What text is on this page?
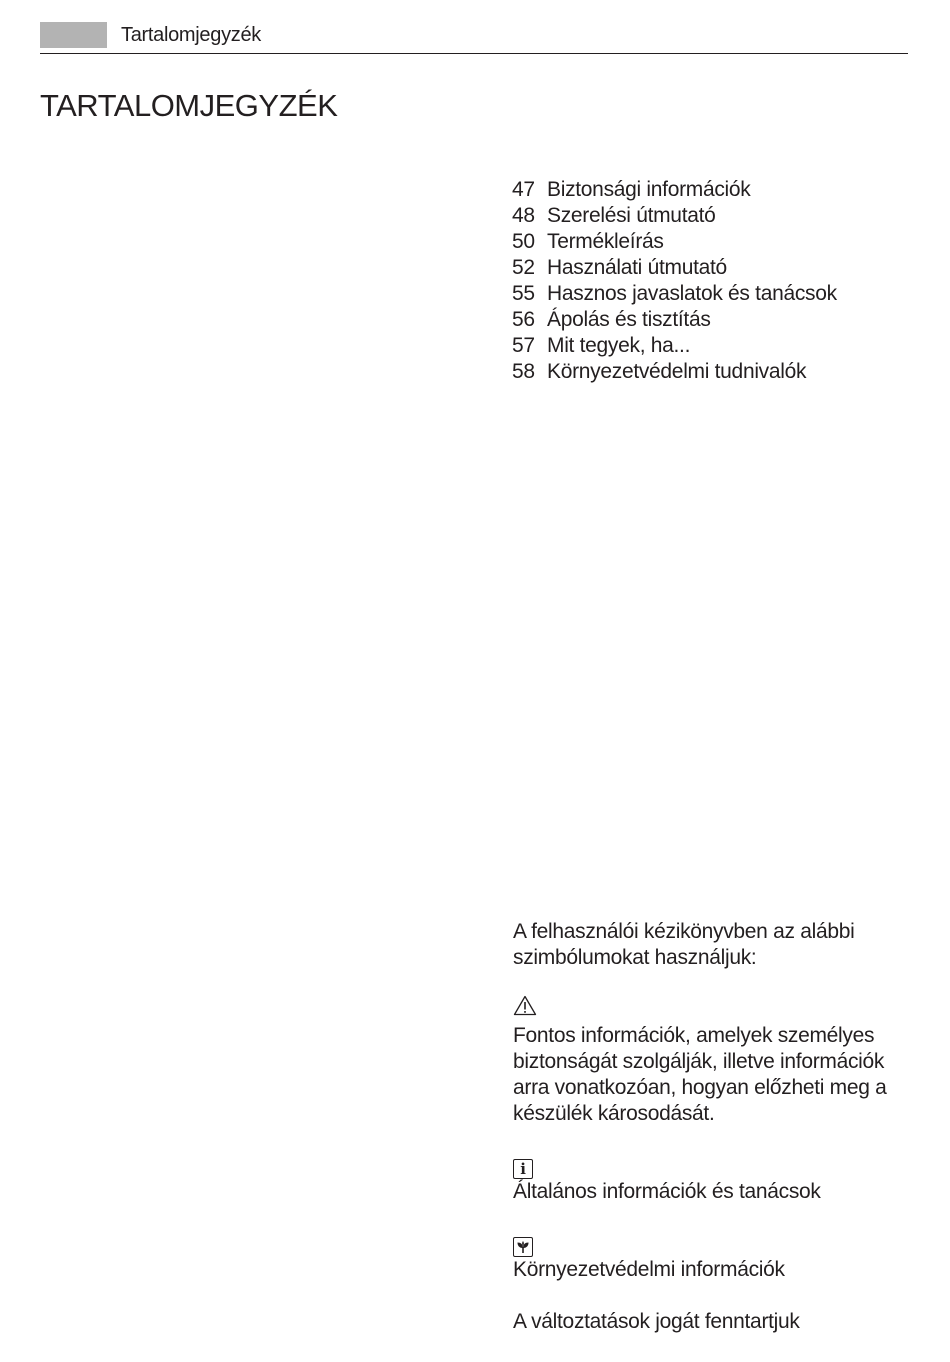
Tartalomjegyzék
TARTALOMJEGYZÉK
47 Biztonsági információk
48 Szerelési útmutató
50 Termékleírás
52 Használati útmutató
55 Hasznos javaslatok és tanácsok
56 Ápolás és tisztítás
57 Mit tegyek, ha...
58 Környezetvédelmi tudnivalók

A felhasználói kézikönyvben az alábbi

szimbólumokat használjuk:

Fontos információk, amelyek személyes

biztonságát szolgálják, illetve információk

arra vonatkozóan, hogyan előzheti meg a

készülék károsodását.

i

Általános információk és tanácsok

Környezetvédelmi információk

A változtatások jogát fenntartjuk
